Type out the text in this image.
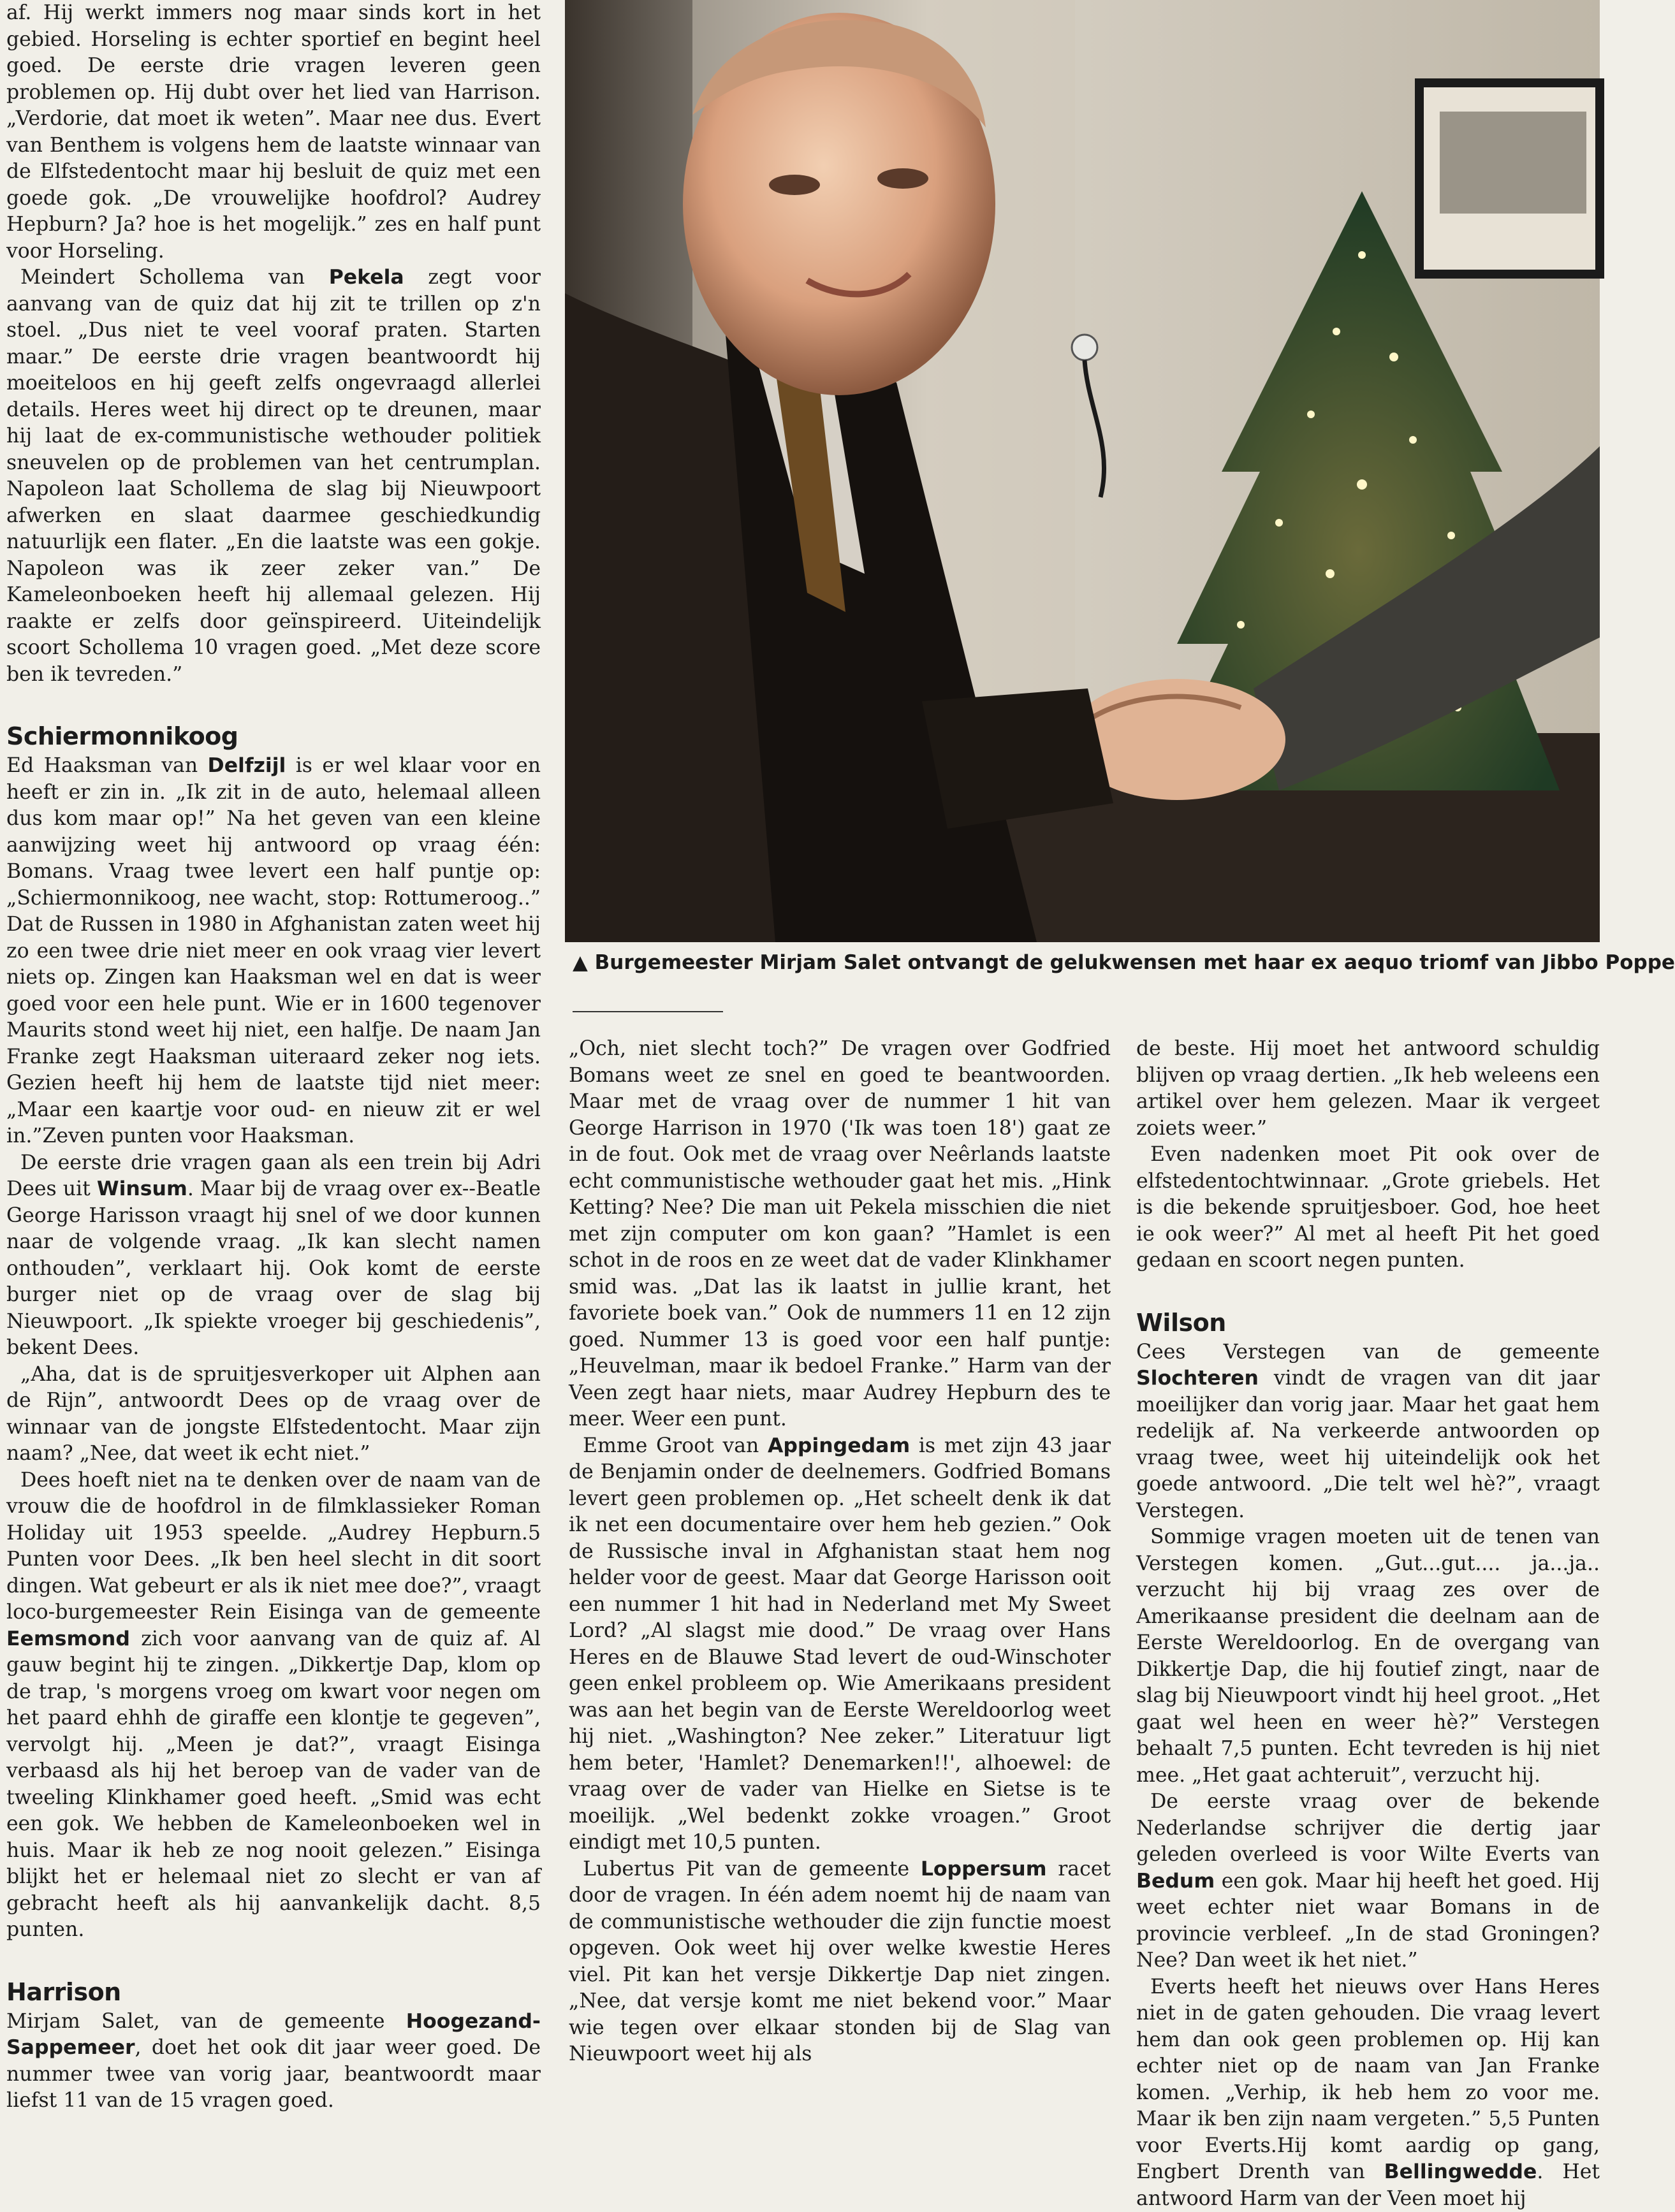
af. Hij werkt immers nog maar sinds kort in het gebied. Horseling is echter sportief en begint heel goed. De eerste drie vragen leveren geen problemen op. Hij dubt over het lied van Harrison. „Verdorie, dat moet ik weten”. Maar nee dus. Evert van Benthem is volgens hem de laatste winnaar van de Elfstedentocht maar hij besluit de quiz met een goede gok. „De vrouwelijke hoofdrol? Audrey Hepburn? Ja? hoe is het mogelijk.” zes en half punt voor Horseling.

Meindert Schollema van Pekela zegt voor aanvang van de quiz dat hij zit te trillen op z'n stoel. „Dus niet te veel vooraf praten. Starten maar.” De eerste drie vragen beantwoordt hij moeiteloos en hij geeft zelfs ongevraagd allerlei details. Heres weet hij direct op te dreunen, maar hij laat de ex-communistische wethouder politiek sneuvelen op de problemen van het centrumplan. Napoleon laat Schollema de slag bij Nieuwpoort afwerken en slaat daarmee geschiedkundig natuurlijk een flater. „En die laatste was een gokje. Napoleon was ik zeer zeker van.” De Kameleonboeken heeft hij allemaal gelezen. Hij raakte er zelfs door geïnspireerd. Uiteindelijk scoort Schollema 10 vragen goed. „Met deze score ben ik tevreden.”

Schiermonnikoog

Ed Haaksman van Delfzijl is er wel klaar voor en heeft er zin in. „Ik zit in de auto, helemaal alleen dus kom maar op!” Na het geven van een kleine aanwijzing weet hij antwoord op vraag één: Bomans. Vraag twee levert een half puntje op: „Schiermonnikoog, nee wacht, stop: Rottumeroog..” Dat de Russen in 1980 in Afghanistan zaten weet hij zo een twee drie niet meer en ook vraag vier levert niets op. Zingen kan Haaksman wel en dat is weer goed voor een hele punt. Wie er in 1600 tegenover Maurits stond weet hij niet, een halfje. De naam Jan Franke zegt Haaksman uiteraard zeker nog iets. Gezien heeft hij hem de laatste tijd niet meer: „Maar een kaartje voor oud- en nieuw zit er wel in.”Zeven punten voor Haaksman.

De eerste drie vragen gaan als een trein bij Adri Dees uit Winsum. Maar bij de vraag over ex--Beatle George Harisson vraagt hij snel of we door kunnen naar de volgende vraag. „Ik kan slecht namen onthouden”, verklaart hij. Ook komt de eerste burger niet op de vraag over de slag bij Nieuwpoort. „Ik spiekte vroeger bij geschiedenis”, bekent Dees.

„Aha, dat is de spruitjesverkoper uit Alphen aan de Rijn”, antwoordt Dees op de vraag over de winnaar van de jongste Elfstedentocht. Maar zijn naam? „Nee, dat weet ik echt niet.”

Dees hoeft niet na te denken over de naam van de vrouw die de hoofdrol in de filmklassieker Roman Holiday uit 1953 speelde. „Audrey Hepburn.5 Punten voor Dees. „Ik ben heel slecht in dit soort dingen. Wat gebeurt er als ik niet mee doe?”, vraagt loco-burgemeester Rein Eisinga van de gemeente Eemsmond zich voor aanvang van de quiz af. Al gauw begint hij te zingen. „Dikkertje Dap, klom op de trap, 's morgens vroeg om kwart voor negen om het paard ehhh de giraffe een klontje te gegeven”, vervolgt hij. „Meen je dat?”, vraagt Eisinga verbaasd als hij het beroep van de vader van de tweeling Klinkhamer goed heeft. „Smid was echt een gok. We hebben de Kameleonboeken wel in huis. Maar ik heb ze nog nooit gelezen.” Eisinga blijkt het er helemaal niet zo slecht er van af gebracht heeft als hij aanvankelijk dacht. 8,5 punten.

Harrison

Mirjam Salet, van de gemeente Hoogezand-Sappemeer, doet het ook dit jaar weer goed. De nummer twee van vorig jaar, beantwoordt maar liefst 11 van de 15 vragen goed.

▲ Burgemeester Mirjam Salet ontvangt de gelukwensen met haar ex aequo triomf van Jibbo Poppe

„Och, niet slecht toch?” De vragen over Godfried Bomans weet ze snel en goed te beantwoorden. Maar met de vraag over de nummer 1 hit van George Harrison in 1970 ('Ik was toen 18') gaat ze in de fout. Ook met de vraag over Neêrlands laatste echt communistische wethouder gaat het mis. „Hink Ketting? Nee? Die man uit Pekela misschien die niet met zijn computer om kon gaan? ”Hamlet is een schot in de roos en ze weet dat de vader Klinkhamer smid was. „Dat las ik laatst in jullie krant, het favoriete boek van.” Ook de nummers 11 en 12 zijn goed. Nummer 13 is goed voor een half puntje: „Heuvelman, maar ik bedoel Franke.” Harm van der Veen zegt haar niets, maar Audrey Hepburn des te meer. Weer een punt.

Emme Groot van Appingedam is met zijn 43 jaar de Benjamin onder de deelnemers. Godfried Bomans levert geen problemen op. „Het scheelt denk ik dat ik net een documentaire over hem heb gezien.” Ook de Russische inval in Afghanistan staat hem nog helder voor de geest. Maar dat George Harisson ooit een nummer 1 hit had in Nederland met My Sweet Lord? „Al slagst mie dood.” De vraag over Hans Heres en de Blauwe Stad levert de oud-Winschoter geen enkel probleem op. Wie Amerikaans president was aan het begin van de Eerste Wereldoorlog weet hij niet. „Washington? Nee zeker.” Literatuur ligt hem beter, 'Hamlet? Denemarken!!', alhoewel: de vraag over de vader van Hielke en Sietse is te moeilijk. „Wel bedenkt zokke vroagen.” Groot eindigt met 10,5 punten.

Lubertus Pit van de gemeente Loppersum racet door de vragen. In één adem noemt hij de naam van de communistische wethouder die zijn functie moest opgeven. Ook weet hij over welke kwestie Heres viel. Pit kan het versje Dikkertje Dap niet zingen. „Nee, dat versje komt me niet bekend voor.” Maar wie tegen over elkaar stonden bij de Slag van Nieuwpoort weet hij als

de beste. Hij moet het antwoord schuldig blijven op vraag dertien. „Ik heb weleens een artikel over hem gelezen. Maar ik vergeet zoiets weer.”

Even nadenken moet Pit ook over de elfstedentochtwinnaar. „Grote griebels. Het is die bekende spruitjesboer. God, hoe heet ie ook weer?” Al met al heeft Pit het goed gedaan en scoort negen punten.

Wilson

Cees Verstegen van de gemeente Slochteren vindt de vragen van dit jaar moeilijker dan vorig jaar. Maar het gaat hem redelijk af. Na verkeerde antwoorden op vraag twee, weet hij uiteindelijk ook het goede antwoord. „Die telt wel hè?”, vraagt Verstegen.

Sommige vragen moeten uit de tenen van Verstegen komen. „Gut...gut.... ja...ja.. verzucht hij bij vraag zes over de Amerikaanse president die deelnam aan de Eerste Wereldoorlog. En de overgang van Dikkertje Dap, die hij foutief zingt, naar de slag bij Nieuwpoort vindt hij heel groot. „Het gaat wel heen en weer hè?” Verstegen behaalt 7,5 punten. Echt tevreden is hij niet mee. „Het gaat achteruit”, verzucht hij.

De eerste vraag over de bekende Nederlandse schrijver die dertig jaar geleden overleed is voor Wilte Everts van Bedum een gok. Maar hij heeft het goed. Hij weet echter niet waar Bomans in de provincie verbleef. „In de stad Groningen? Nee? Dan weet ik het niet.”

Everts heeft het nieuws over Hans Heres niet in de gaten gehouden. Die vraag levert hem dan ook geen problemen op. Hij kan echter niet op de naam van Jan Franke komen. „Verhip, ik heb hem zo voor me. Maar ik ben zijn naam vergeten.” 5,5 Punten voor Everts.Hij komt aardig op gang, Engbert Drenth van Bellingwedde. Het antwoord Harm van der Veen moet hij
